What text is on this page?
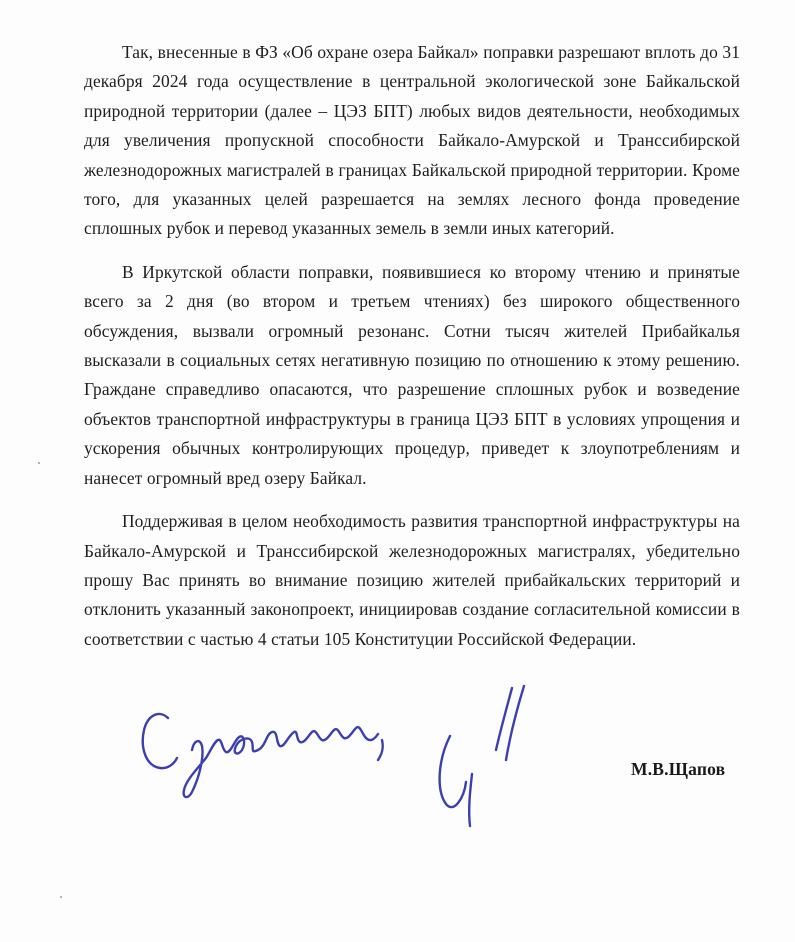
Так, внесенные в ФЗ «Об охране озера Байкал» поправки разрешают вплоть до 31 декабря 2024 года осуществление в центральной экологической зоне Байкальской природной территории (далее – ЦЭЗ БПТ) любых видов деятельности, необходимых для увеличения пропускной способности Байкало-Амурской и Транссибирской железнодорожных магистралей в границах Байкальской природной территории. Кроме того, для указанных целей разрешается на землях лесного фонда проведение сплошных рубок и перевод указанных земель в земли иных категорий.

В Иркутской области поправки, появившиеся ко второму чтению и принятые всего за 2 дня (во втором и третьем чтениях) без широкого общественного обсуждения, вызвали огромный резонанс. Сотни тысяч жителей Прибайкалья высказали в социальных сетях негативную позицию по отношению к этому решению. Граждане справедливо опасаются, что разрешение сплошных рубок и возведение объектов транспортной инфраструктуры в граница ЦЭЗ БПТ в условиях упрощения и ускорения обычных контролирующих процедур, приведет к злоупотреблениям и нанесет огромный вред озеру Байкал.

Поддерживая в целом необходимость развития транспортной инфраструктуры на Байкало-Амурской и Транссибирской железнодорожных магистралях, убедительно прошу Вас принять во внимание позицию жителей прибайкальских территорий и отклонить указанный законопроект, инициировав создание согласительной комиссии в соответствии с частью 4 статьи 105 Конституции Российской Федерации.

М.В.Щапов
